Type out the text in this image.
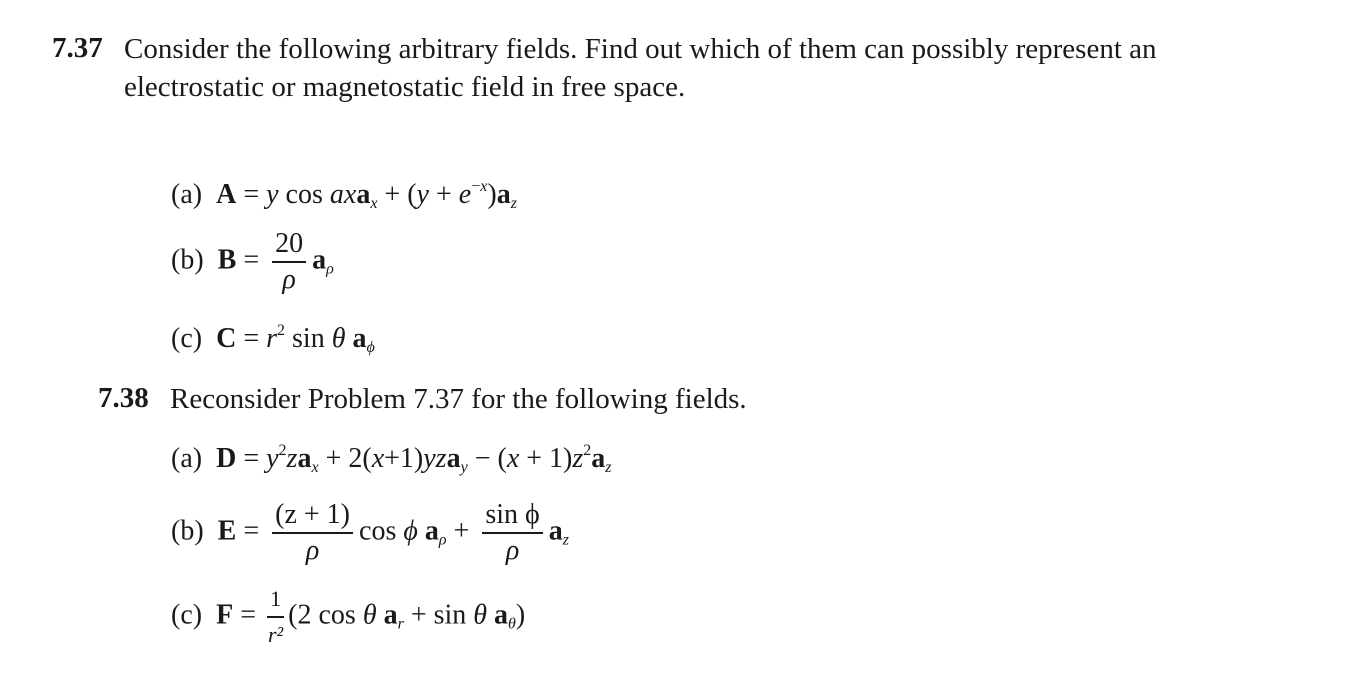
7.37 Consider the following arbitrary fields. Find out which of them can possibly represent an
electrostatic or magnetostatic field in free space.
(a) A = y $\cos axa_x + (y + e^{-x})a_z$
(b) $B = \frac{20}{\rho} a_\rho$
(c) $C = r^2$ sin θ $a_\phi$
7.38 Reconsider Problem 7.37 for the following fields.
(a) $D = y^2za_x + 2(x+1)yza_y - (x + 1)z^2a_z$
(b) $E = \frac{(z + 1)}{\rho}$ cos ϕ $a_\rho + \frac{\text{sin ϕ}}{\rho} a_z$
(c) $F = \frac{1}{\text{r²}} (2$ cos θ $a_r + \sin \theta$ $a_\theta$)
